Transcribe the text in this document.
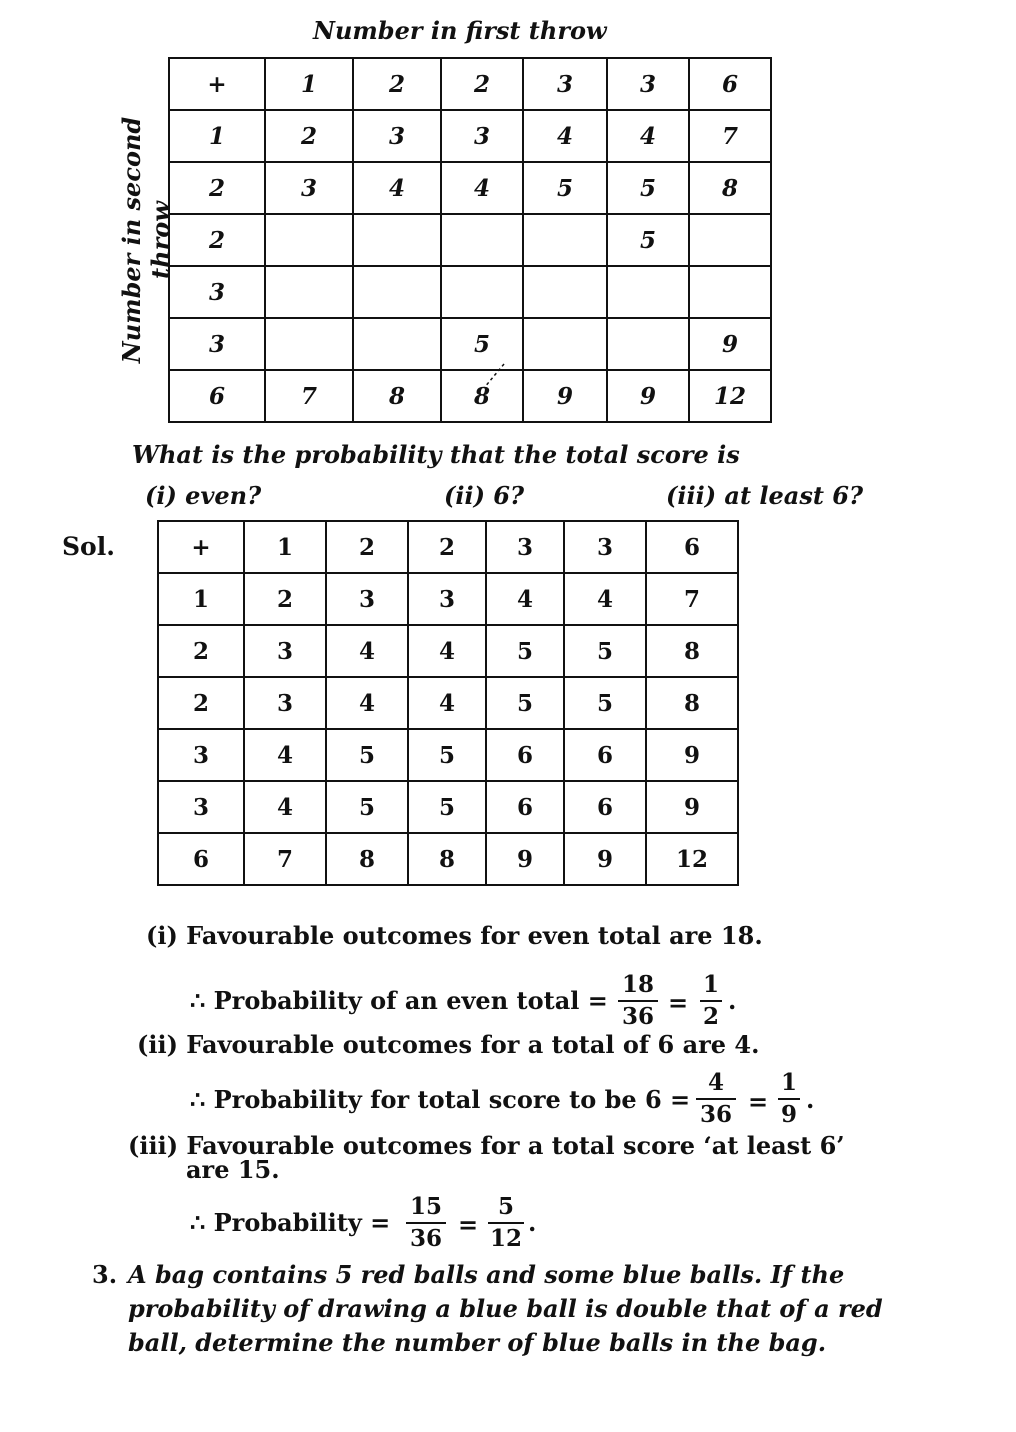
Number in first throw
Number in second throw
+	1	2	2	3	3	6
1	2	3	3	4	4	7
2	3	4	4	5	5	8
2					5	
3						
3			5			9
6	7	8	8	9	9	12
What is the probability that the total score is
(i) even?	(ii) 6?	(iii) at least 6?
Sol.	+	1	2	2	3	3	6
1	2	3	3	4	4	7
2	3	4	4	5	5	8
2	3	4	4	5	5	8
3	4	5	5	6	6	9
3	4	5	5	6	6	9
6	7	8	8	9	9	12
(i) Favourable outcomes for even total are 18.
∴ Probability of an even total =
18
36 =
1
2
.
(ii) Favourable outcomes for a total of 6 are 4.
∴ Probability for total score to be 6 =
4
36 =
1
9
.
(iii) Favourable outcomes for a total score ‘at least 6’
are 15.
∴ Probability =
15
36 =
5
12
.
3. A bag contains 5 red balls and some blue balls. If the
probability of drawing a blue ball is double that of a red
ball, determine the number of blue balls in the bag.
